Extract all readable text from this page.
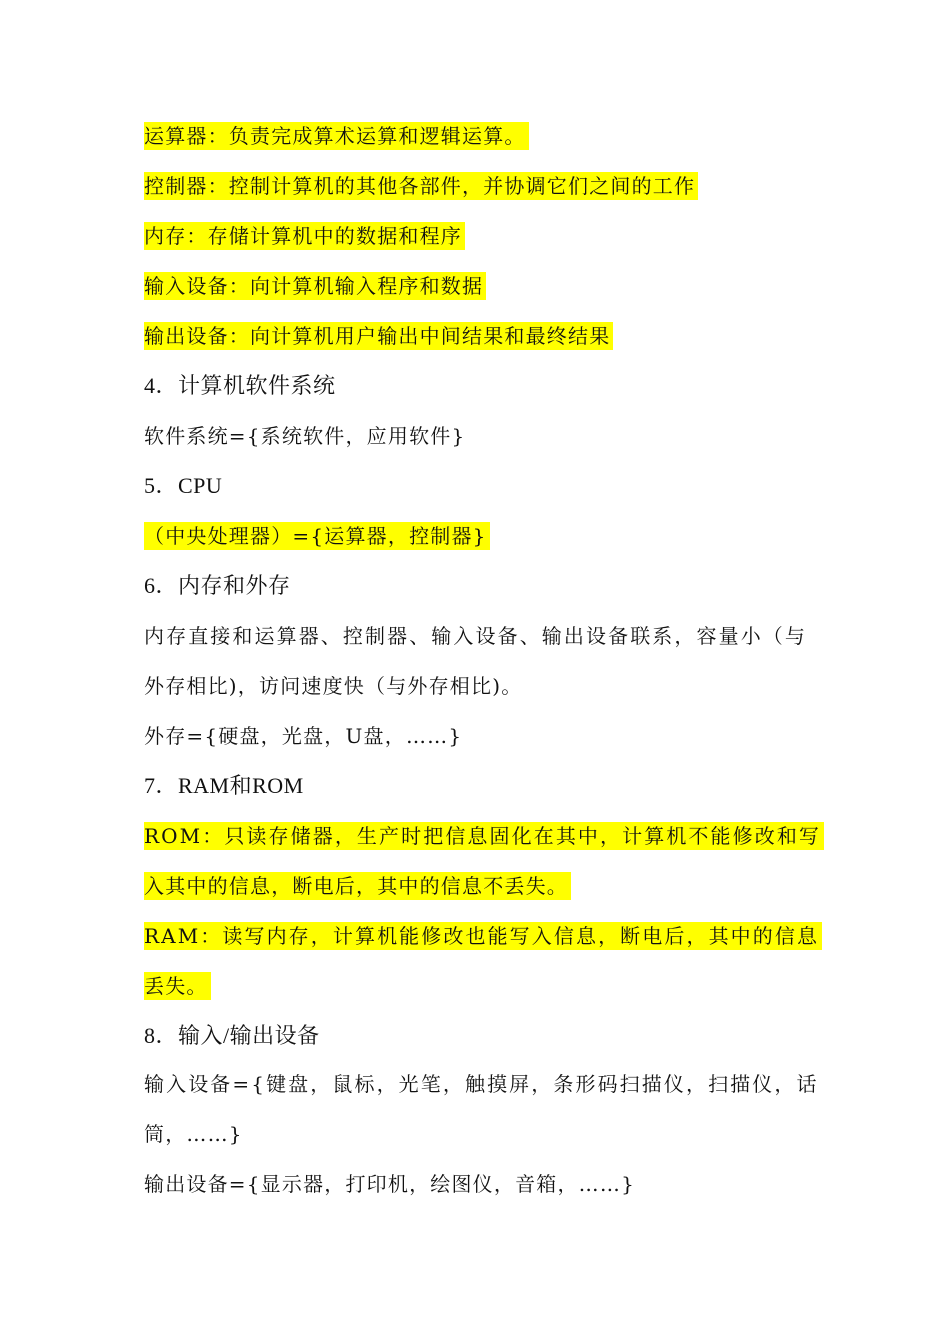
运算器：负责完成算术运算和逻辑运算。
控制器：控制计算机的其他各部件，并协调它们之间的工作
内存：存储计算机中的数据和程序
输入设备：向计算机输入程序和数据
输出设备：向计算机用户输出中间结果和最终结果
4．计算机软件系统
软件系统={系统软件，应用软件}
5．CPU
（中央处理器）={运算器，控制器}
6．内存和外存
内存直接和运算器、控制器、输入设备、输出设备联系，容量小（与
外存相比)，访问速度快（与外存相比)。
外存={硬盘，光盘，U盘，……}
7．RAM和ROM
ROM：只读存储器，生产时把信息固化在其中，计算机不能修改和写
入其中的信息，断电后，其中的信息不丢失。
RAM：读写内存，计算机能修改也能写入信息，断电后，其中的信息
丢失。
8．输入/输出设备
输入设备={键盘，鼠标，光笔，触摸屏，条形码扫描仪，扫描仪，话
筒，……}
输出设备={显示器，打印机，绘图仪，音箱，……}
